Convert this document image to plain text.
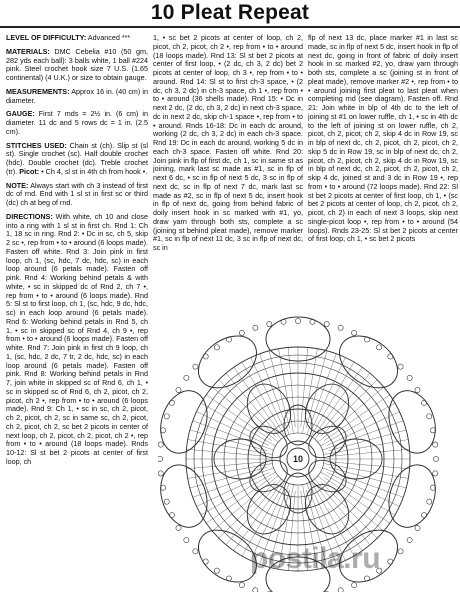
10 Pleat Repeat

LEVEL OF DIFFICULTY: Advanced ***

MATERIALS: DMC Cebelia #10 (50 gm, 282 yds each ball): 3 balls white, 1 ball #224 pink. Steel crochet hook size 7 U.S. (1.65 continental) (4 U.K.) or size to obtain gauge.

MEASUREMENTS: Approx 16 in. (40 cm) in diameter.

GAUGE: First 7 mds = 2½ in. (6 cm) in diameter. 11 dc and 5 rows dc = 1 in. (2.5 cm).

STITCHES USED: Chain st (ch). Slip st (sl st). Single crochet (sc). Half double crochet (hdc). Double crochet (dc). Treble crochet (tr). Picot: • Ch 4, sl st in 4th ch from hook •.

NOTE: Always start with ch 3 instead of first dc of rnd. End with 1 sl st in first sc or third (dc) ch at beg of rnd.

DIRECTIONS: With white, ch 10 and close into a ring with 1 sl st in first ch. Rnd 1: Ch 1, 18 sc in ring. Rnd 2: • Dc in sc, ch 5, skip 2 sc •, rep from • to • around (6 loops made). Fasten off white. Rnd 3: Join pink in first loop, ch 1, (sc, hdc, 7 dc, hdc, sc) in each loop around (6 petals made). Fasten off pink. Rnd 4: Working behind petals & with white, • sc in skipped dc of Rnd 2, ch 7 •, rep from • to • around (6 loops made). Rnd 5: Sl st to first loop, ch 1, (sc, hdc, 9 dc, hdc, sc) in each loop around (6 petals made). Rnd 6: Working behind petals in Rnd 5, ch 1, • sc in skipped sc of Rnd 4, ch 9 •, rep from • to • around (6 loops made). Fasten off white. Rnd 7: Join pink in first ch 9 loop, ch 1, (sc, hdc, 2 dc, 7 tr, 2 dc, hdc, sc) in each loop around (6 petals made). Fasten off pink. Rnd 8: Working behind petals in Rnd 7, join white in skipped sc of Rnd 6, ch 1, • sc in skipped sc of Rnd 6, ch 2, picot, ch 2, picot, ch 2 •, rep from • to • around (6 loops made). Rnd 9: Ch 1, • sc in sc, ch 2, picot, ch 2, picot, ch 2, sc in same sc, ch 2, picot, ch 2, picot, ch 2, sc bet 2 picots in center of next loop, ch 2, picot, ch 2, picot, ch 2 •, rep from • to • around (18 loops made). Rnds 10-12: Sl st bet 2 picots at center of first loop, ch

1, • sc bet 2 picots at center of loop, ch 2, picot, ch 2, picot, ch 2 •, rep from • to • around (18 loops made). Rnd 13: Sl st bet 2 picots at center of first loop, • (2 dc, ch 3, 2 dc) bet 2 picots at center of loop, ch 3 •, rep from • to • around. Rnd 14: Sl st to first ch-3 space, • (2 dc, ch 3, 2 dc) in ch-3 space, ch 1 •, rep from • to • around (36 shells made). Rnd 15: • Dc in next 2 dc, (2 dc, ch 3, 2 dc) in next ch-3 space, dc in next 2 dc, skip ch-1 space •, rep from • to • around. Rnds 16-18: Dc in each dc around, working (2 dc, ch 3, 2 dc) in each ch-3 space. Rnd 19: Dc in each dc around, working 5 dc in each ch-3 space. Fasten off white. Rnd 20: Join pink in flp of first dc, ch 1, sc in same st as joining, mark last sc made as #1, sc in flp of next 6 dc, • sc in flp of next 5 dc, 3 sc in flp of next dc, sc in flp of next 7 dc, mark last sc made as #2, sc in flp of next 5 dc, insert hook in flp of next dc, going from behind fabric of doily insert hook in sc marked with #1, yo, draw yarn through both sts, complete a sc (joining st behind pleat made), remove marker #1, sc in flp of next 11 dc, 3 sc in flp of next dc, sc in

flp of next 13 dc, place marker #1 in last sc made, sc in flp of next 5 dc, insert hook in flp of next dc, going in front of fabric of doily insert hook in sc marked #2, yo, draw yarn through both sts, complete a sc (joining st in front of pleat made), remove marker #2 •, rep from • to • around joining first pleat to last pleat when completing rnd (see diagram). Fasten off. Rnd 21: Join white in blp of 4th dc to the left of joining st #1 on lower ruffle, ch 1, • sc in 4th dc to the left of joining st on lower ruffle, ch 2, picot, ch 2, picot, ch 2, skip 4 dc in Row 19, sc in blp of next dc, ch 2, picot, ch 2, picot, ch 2, skip 5 dc in Row 19, sc in blp of next dc, ch 2, picot, ch 2, picot, ch 2, skip 4 dc in Row 19, sc in blp of next dc, ch 2, picot, ch 2, picot, ch 2, skip 4 dc, joined st and 3 dc in Row 19 •, rep from • to • around (72 loops made). Rnd 22: Sl st bet 2 picots at center of first loop, ch 1, • (sc bet 2 picots at center of loop, ch 2, picot, ch 2, picot, ch 2) in each of next 3 loops, skip next single-picot loop •, rep from • to • around (54 loops). Rnds 23-25: Sl st bet 2 picots at center of first loop, ch 1, • sc bet 2 picots

10
postila.ru
